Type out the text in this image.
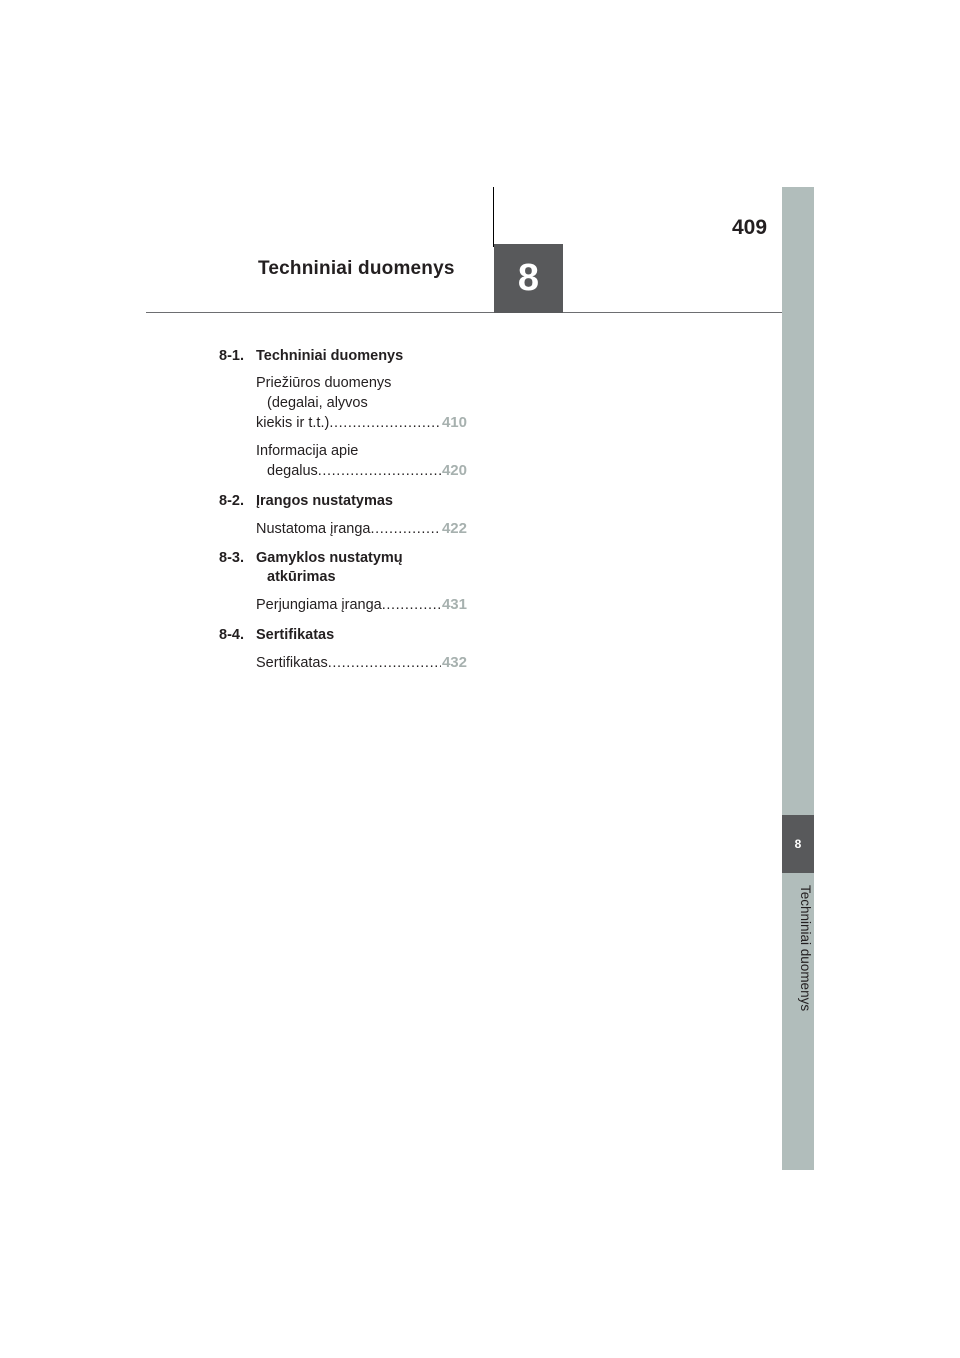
Techniniai duomenys 8
409
8
Techniniai duomenys
8-1. Techniniai duomenys
Priežiūros duomenys
(degalai, alyvos
kiekis ir t.t.) .....	410
Informacija apie
degalus .....	420
8-2. Įrangos nustatymas
Nustatoma įranga .....	422
8-3. Gamyklos nustatymų
atkūrimas
Perjungiama įranga .....	431
8-4. Sertifikatas
Sertifikatas .....	432
